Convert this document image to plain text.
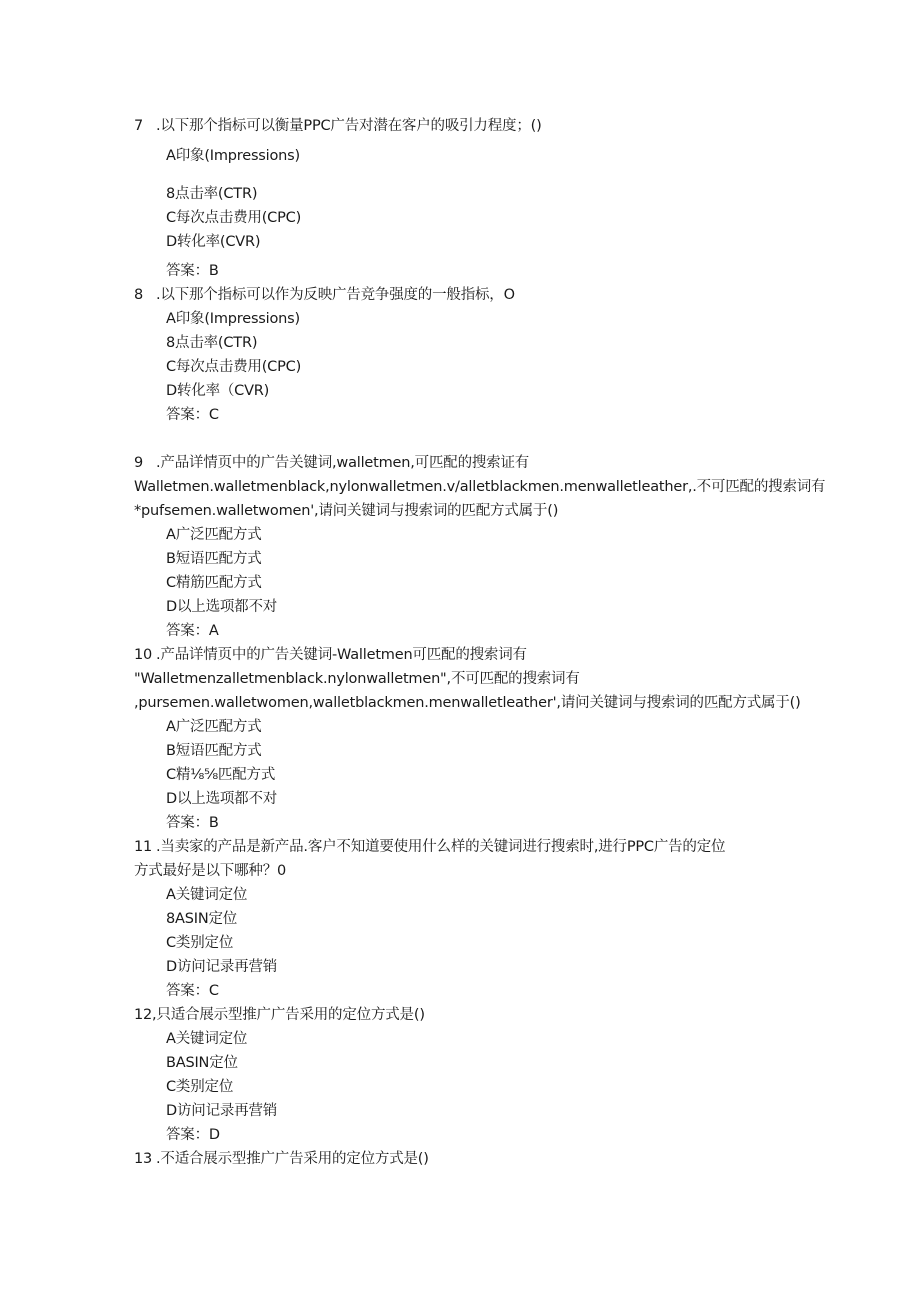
7 .以下那个指标可以衡量PPC广告对潜在客户的吸引力程度；()
A印象(Impressions)
8点击率(CTR)
C每次点击费用(CPC)
D转化率(CVR)
答案：B
8 .以下那个指标可以作为反映广告竞争强度的一般指标，O
A印象(Impressions)
8点击率(CTR)
C每次点击费用(CPC)
D转化率（CVR)
答案：C
9 .产品详情页中的广告关键词,walletmen,可匹配的搜索证有
Walletmen.walletmenblack,nylonwalletmen.v/alletblackmen.menwalletleather,.不可匹配的搜索词有
*pufsemen.walletwomen',请问关键词与搜索词的匹配方式属于()
A广泛匹配方式
B短语匹配方式
C精筋匹配方式
D以上选项都不对
答案：A
10 .产品详情页中的广告关键词-Walletmen可匹配的搜索词有
"Walletmenzalletmenblack.nylonwalletmen",不可匹配的搜索词有
,pursemen.walletwomen,walletblackmen.menwalletleather',请问关键词与搜索词的匹配方式属于()
A广泛匹配方式
B短语匹配方式
C精⅛⅝匹配方式
D以上选项都不对
答案：B
11 .当卖家的产品是新产品.客户不知道要使用什么样的关键词进行搜索时,进行PPC广告的定位
方式最好是以下哪种？0
A关键词定位
8ASIN定位
C类别定位
D访问记录再营销
答案：C
12,只适合展示型推广广告采用的定位方式是()
A关键词定位
BASIN定位
C类别定位
D访问记录再营销
答案：D
13 .不适合展示型推广广告采用的定位方式是()
